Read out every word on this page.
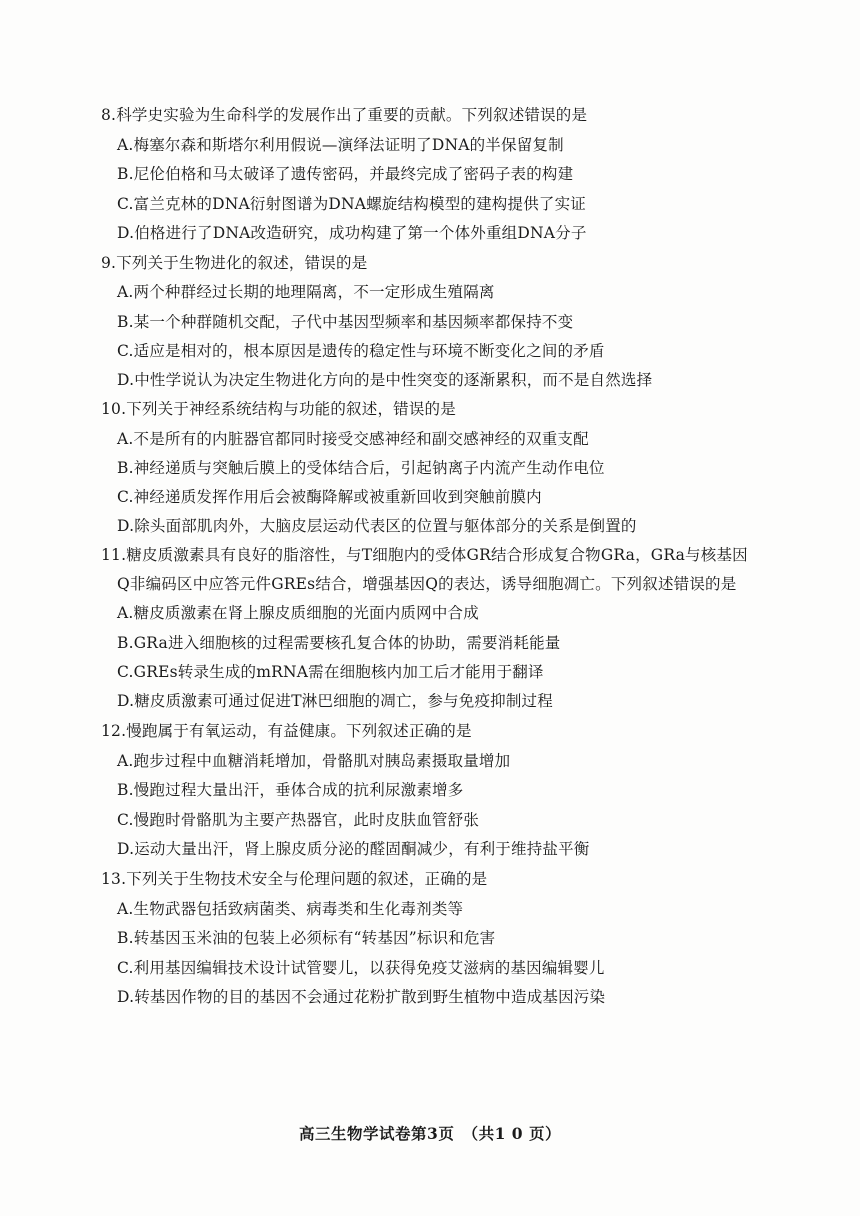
8.科学史实验为生命科学的发展作出了重要的贡献。下列叙述错误的是
A.梅塞尔森和斯塔尔利用假说—演绎法证明了DNA的半保留复制
B.尼伦伯格和马太破译了遗传密码，并最终完成了密码子表的构建
C.富兰克林的DNA衍射图谱为DNA螺旋结构模型的建构提供了实证
D.伯格进行了DNA改造研究，成功构建了第一个体外重组DNA分子
9.下列关于生物进化的叙述，错误的是
A.两个种群经过长期的地理隔离，不一定形成生殖隔离
B.某一个种群随机交配，子代中基因型频率和基因频率都保持不变
C.适应是相对的，根本原因是遗传的稳定性与环境不断变化之间的矛盾
D.中性学说认为决定生物进化方向的是中性突变的逐渐累积，而不是自然选择
10.下列关于神经系统结构与功能的叙述，错误的是
A.不是所有的内脏器官都同时接受交感神经和副交感神经的双重支配
B.神经递质与突触后膜上的受体结合后，引起钠离子内流产生动作电位
C.神经递质发挥作用后会被酶降解或被重新回收到突触前膜内
D.除头面部肌肉外，大脑皮层运动代表区的位置与躯体部分的关系是倒置的
11.糖皮质激素具有良好的脂溶性，与T细胞内的受体GR结合形成复合物GRa，GRa与核基因
Q非编码区中应答元件GREs结合，增强基因Q的表达，诱导细胞凋亡。下列叙述错误的是
A.糖皮质激素在肾上腺皮质细胞的光面内质网中合成
B.GRa进入细胞核的过程需要核孔复合体的协助，需要消耗能量
C.GREs转录生成的mRNA需在细胞核内加工后才能用于翻译
D.糖皮质激素可通过促进T淋巴细胞的凋亡，参与免疫抑制过程
12.慢跑属于有氧运动，有益健康。下列叙述正确的是
A.跑步过程中血糖消耗增加，骨骼肌对胰岛素摄取量增加
B.慢跑过程大量出汗，垂体合成的抗利尿激素增多
C.慢跑时骨骼肌为主要产热器官，此时皮肤血管舒张
D.运动大量出汗，肾上腺皮质分泌的醛固酮减少，有利于维持盐平衡
13.下列关于生物技术安全与伦理问题的叙述，正确的是
A.生物武器包括致病菌类、病毒类和生化毒剂类等
B.转基因玉米油的包装上必须标有“转基因”标识和危害
C.利用基因编辑技术设计试管婴儿，以获得免疫艾滋病的基因编辑婴儿
D.转基因作物的目的基因不会通过花粉扩散到野生植物中造成基因污染
高三生物学试卷第3页　（共1 0 页）
